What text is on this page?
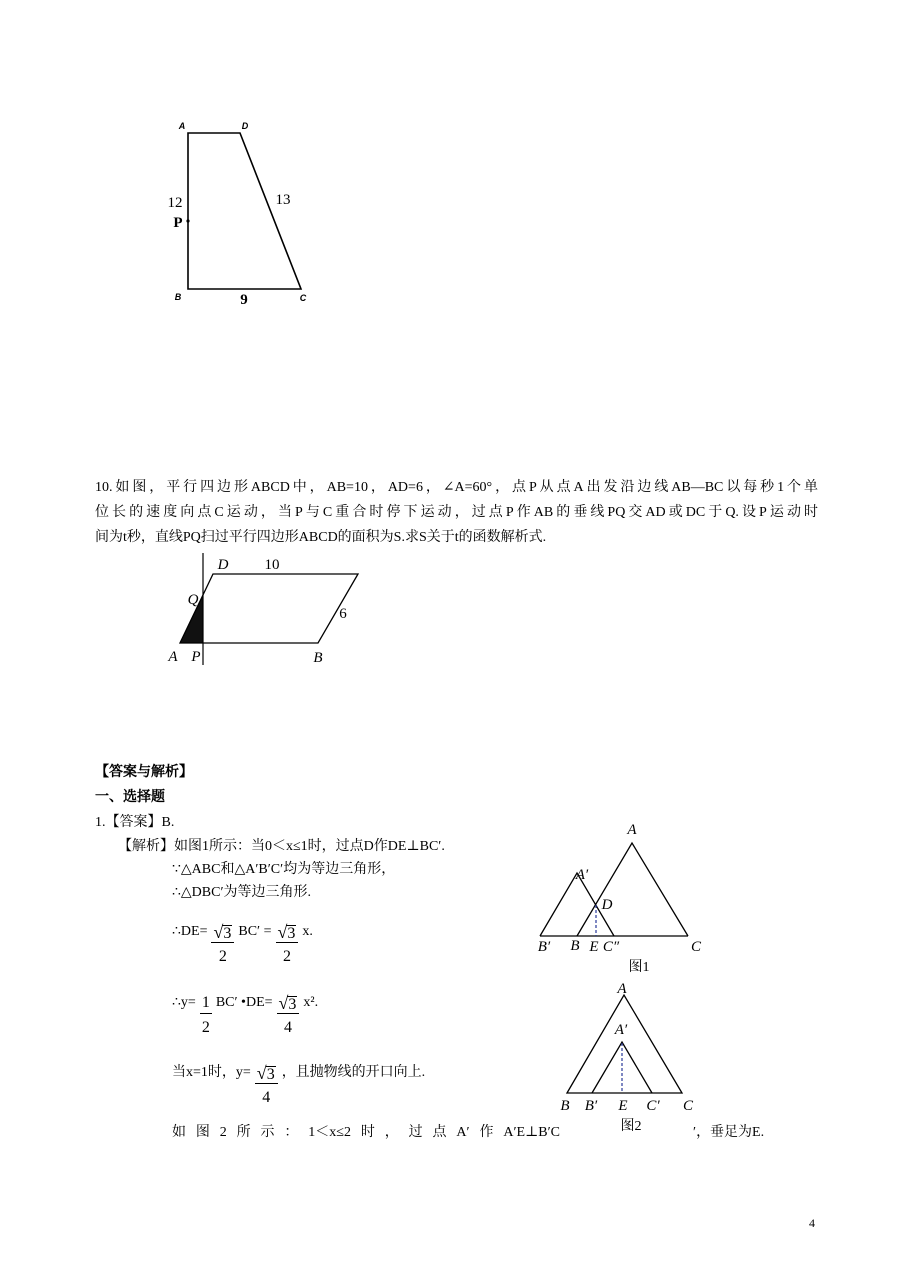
A	D
B	C
12
P
13
9
D 10
Q
6
A P	B
A
A′
D
B′ B E C″	C
图1
A
A′
B B′ E C′ C
图2
10.如图，平行四边形ABCD中，AB=10，AD=6，∠A=60°，点P从点A出发沿边线AB—BC以每秒1个单
位长的速度向点C运动，当P与C重合时停下运动，过点P作AB的垂线PQ交AD或DC于Q.设P运动时
间为t秒，直线PQ扫过平行四边形ABCD的面积为S.求S关于t的函数解析式.
【答案与解析】
一、选择题
1.【答案】B.
【解析】如图1所示：当0＜x≤1时，过点D作DE⊥BC′.
∵△ABC和△A′B′C′均为等边三角形，
∴△DBC′为等边三角形.
∴DE= $\frac{√ 3}{2} BC' = \frac{√ 3}{2} x$.
∴y= $\frac{1}{2} BC'$ •DE= $\frac{√ 3}{4} x^2$.
当x=1时，$y= \frac{√ 3}{4}$ ，且抛物线的开口向上.
如图2所示：1＜x≤2时，过点A′作A′E⊥B′C	′，垂足为E.
4
